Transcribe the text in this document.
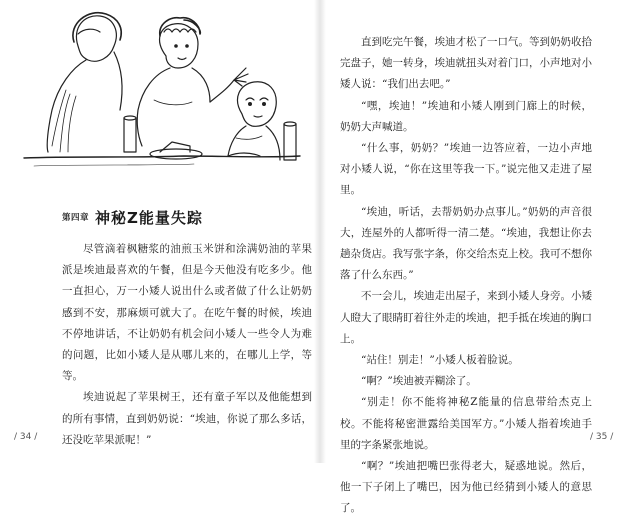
第四章 神秘Z能量失踪

尽管滴着枫糖浆的油煎玉米饼和涂满奶油的苹果派是埃迪最喜欢的午餐，但是今天他没有吃多少。他一直担心，万一小矮人说出什么或者做了什么让奶奶感到不安，那麻烦可就大了。在吃午餐的时候，埃迪不停地讲话，不让奶奶有机会问小矮人一些令人为难的问题，比如小矮人是从哪儿来的，在哪儿上学，等等。

埃迪说起了苹果树王，还有童子军以及他能想到的所有事情，直到奶奶说：“埃迪，你说了那么多话，还没吃苹果派呢！”

/ 34 /

直到吃完午餐，埃迪才松了一口气。等到奶奶收拾完盘子，她一转身，埃迪就扭头对着门口，小声地对小矮人说：“我们出去吧。”

“嘿，埃迪！”埃迪和小矮人刚到门廊上的时候，奶奶大声喊道。

“什么事，奶奶？”埃迪一边答应着，一边小声地对小矮人说，“你在这里等我一下。”说完他又走进了屋里。

“埃迪，听话，去帮奶奶办点事儿。”奶奶的声音很大，连屋外的人都听得一清二楚。“埃迪，我想让你去趟杂货店。我写张字条，你交给杰克上校。我可不想你落了什么东西。”

不一会儿，埃迪走出屋子，来到小矮人身旁。小矮人瞪大了眼睛盯着往外走的埃迪，把手抵在埃迪的胸口上。

“站住！别走！”小矮人板着脸说。

“啊？”埃迪被弄糊涂了。

“别走！你不能将神秘Z能量的信息带给杰克上校。不能将秘密泄露给美国军方。”小矮人指着埃迪手里的字条紧张地说。

“啊？”埃迪把嘴巴张得老大，疑惑地说。然后，他一下子闭上了嘴巴，因为他已经猜到小矮人的意思了。

/ 35 /
